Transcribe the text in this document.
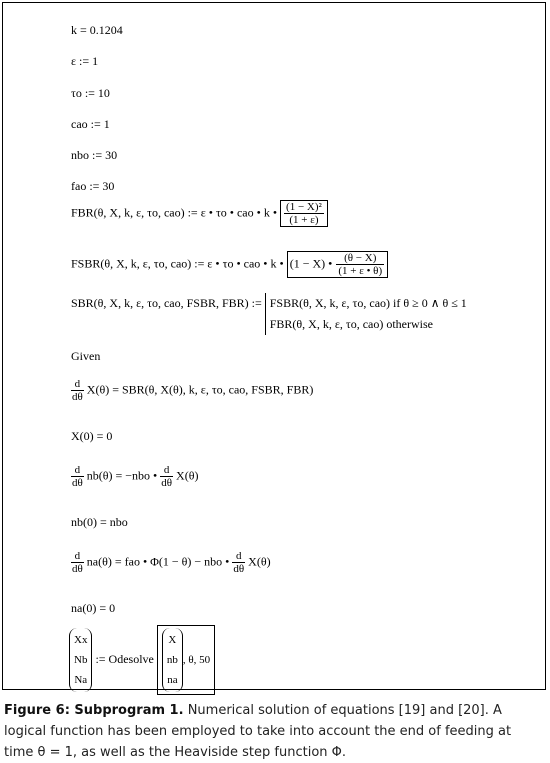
k = 0.1204
ε := 1
τo := 10
cao := 1
nbo := 30
fao := 30
FBR(θ, X, k, ε, τo, cao) := ε • τo • cao • k • $\frac{\text{(1 − X)²}}{(1 + \varepsilon)}$
FSBR(θ, X, k, ε, τo, cao) := ε • τo • cao • k • (1 − X) • $\frac{(\theta - X)}{(1 + \varepsilon • \theta)}$
SBR(θ, X, k, ε, τo, cao, FSBR, FBR) := FSBR(θ, X, k, ε, τo, cao) if θ ≥ 0 ∧ θ ≤ 1
FBR(θ, X, k, ε, τo, cao) otherwise
Given
$\frac{d}{d\theta} X(\theta) = SBR(\theta$, X(θ), k, ε, τo, cao, FSBR, FBR)
X(0) = 0
$\frac{d}{d\theta} nb(\theta) = -nbo$ • $\frac{d}{d\theta} X(\theta)$
nb(0) = nbo
$\frac{d}{d\theta} na(\theta)$ = fao • Φ(1 − θ) − nbo • $\frac{d}{d\theta} X(\theta)$
na(0) = 0
Xx
Nb
Na
:= Odesolve
X
nb
na
, θ, 50
Figure 6: Subprogram 1. Numerical solution of equations [19] and [20]. A logical function has been employed to take into account the end of feeding at time θ = 1, as well as the Heaviside step function Φ.
